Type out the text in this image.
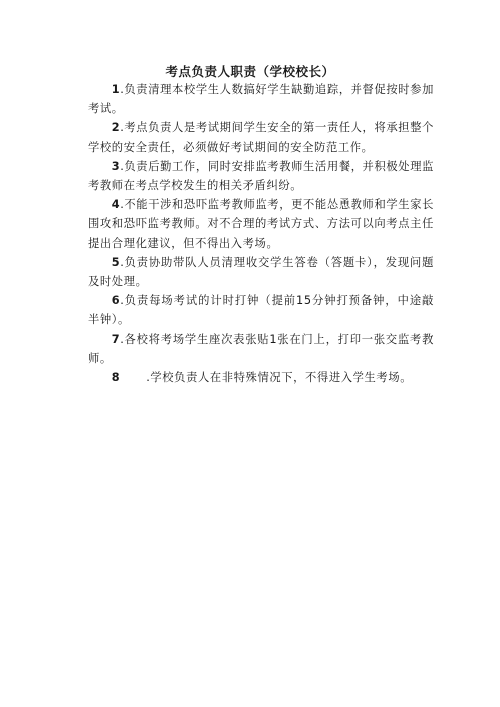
考点负责人职责（学校校长）

1.负责清理本校学生人数搞好学生缺勤追踪，并督促按时参加考试。

2.考点负责人是考试期间学生安全的第一责任人，将承担整个学校的安全责任，必须做好考试期间的安全防范工作。

3.负责后勤工作，同时安排监考教师生活用餐，并积极处理监考教师在考点学校发生的相关矛盾纠纷。

4.不能干涉和恐吓监考教师监考，更不能怂恿教师和学生家长围攻和恐吓监考教师。对不合理的考试方式、方法可以向考点主任提出合理化建议，但不得出入考场。

5.负责协助带队人员清理收交学生答卷（答题卡），发现问题及时处理。

6.负责每场考试的计时打钟（提前15分钟打预备钟，中途敲半钟）。

7.各校将考场学生座次表张贴1张在门上，打印一张交监考教师。

8 .学校负责人在非特殊情况下，不得进入学生考场。
